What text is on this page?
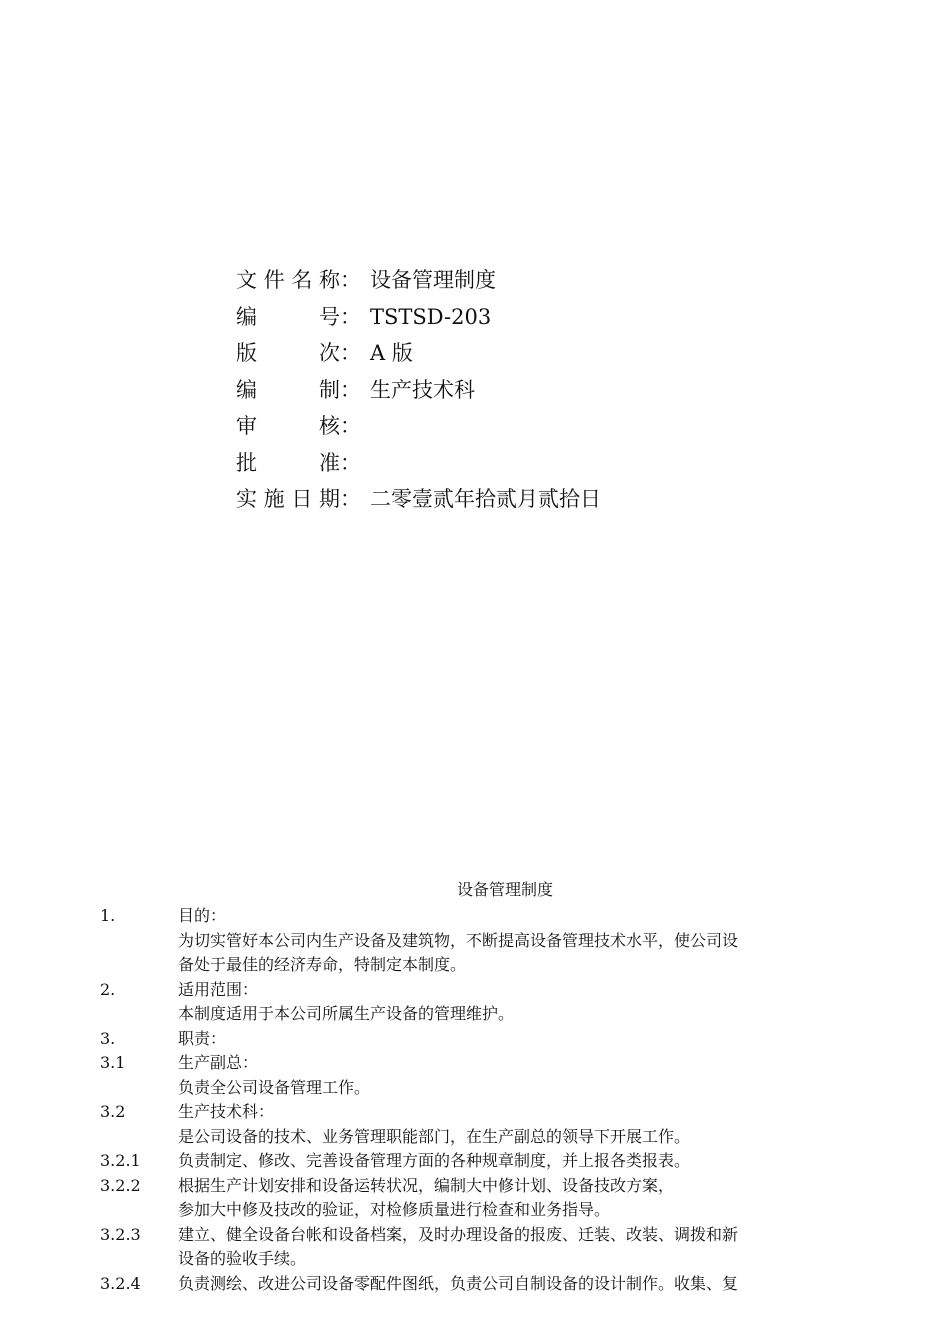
文件名称 ： 设备管理制度
编号 ： TSTSD-203
版次 ： A 版
编制 ： 生产技术科
审核 ：
批准 ：
实施日期 ： 二零壹贰年拾贰月贰拾日
设备管理制度
1.	目的：
为切实管好本公司内生产设备及建筑物，不断提高设备管理技术水平，使公司设
备处于最佳的经济寿命，特制定本制度。
2.	适用范围：
本制度适用于本公司所属生产设备的管理维护。
3.	职责：
3.1	生产副总：
负责全公司设备管理工作。
3.2	生产技术科：
是公司设备的技术、业务管理职能部门，在生产副总的领导下开展工作。
3.2.1	负责制定、修改、完善设备管理方面的各种规章制度，并上报各类报表。
3.2.2	根据生产计划安排和设备运转状况，编制大中修计划、设备技改方案，
参加大中修及技改的验证，对检修质量进行检查和业务指导。
3.2.3	建立、健全设备台帐和设备档案，及时办理设备的报废、迁装、改装、调拨和新
设备的验收手续。
3.2.4	负责测绘、改进公司设备零配件图纸，负责公司自制设备的设计制作。收集、复
